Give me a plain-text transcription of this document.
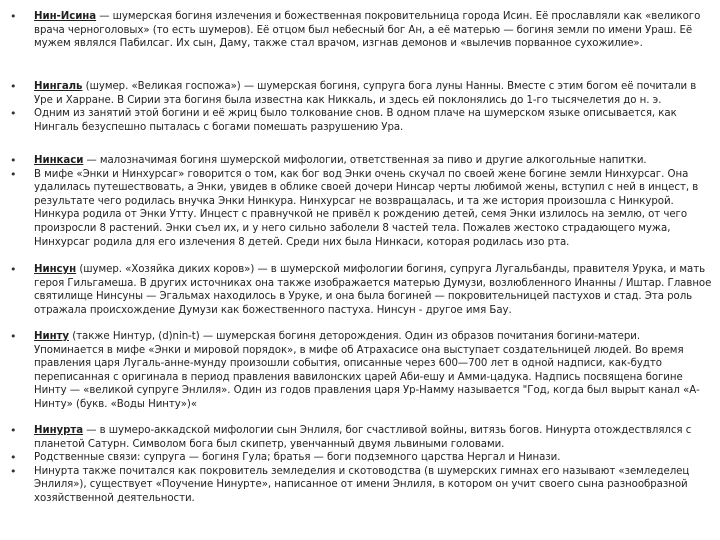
•	Нин-Исина — шумерская богиня излечения и божественная покровительница города Исин. Её прославляли как «великого врача черноголовых» (то есть шумеров). Её отцом был небесный бог Ан, а её матерью — богиня земли по имени Ураш. Её мужем являлся Пабилсаг. Их сын, Даму, также стал врачом, изгнав демонов и «вылечив порванное сухожилие».
•	Нингаль (шумер. «Великая госпожа») — шумерская богиня, супруга бога луны Нанны. Вместе с этим богом её почитали в Уре и Харране. В Сирии эта богиня была известна как Никкаль, и здесь ей поклонялись до 1-го тысячелетия до н. э.
•	Одним из занятий этой богини и её жриц было толкование снов. В одном плаче на шумерском языке описывается, как Нингаль безуспешно пыталась с богами помешать разрушению Ура.
•	Нинкаси — малозначимая богиня шумерской мифологии, ответственная за пиво и другие алкогольные напитки.
•	В мифе «Энки и Нинхурсаг» говорится о том, как бог вод Энки очень скучал по своей жене богине земли Нинхурсаг. Она удалилась путешествовать, а Энки, увидев в облике своей дочери Нинсар черты любимой жены, вступил с ней в инцест, в результате чего родилась внучка Энки Нинкура. Нинхурсаг не возвращалась, и та же история произошла с Нинкурой. Нинкура родила от Энки Утту. Инцест с правнучкой не привёл к рождению детей, семя Энки излилось на землю, от чего произросли 8 растений. Энки съел их, и у него сильно заболели 8 частей тела. Пожалев жестоко страдающего мужа, Нинхурсаг родила для его излечения 8 детей. Среди них была Нинкаси, которая родилась изо рта.
•	Нинсун (шумер. «Хозяйка диких коров») — в шумерской мифологии богиня, супруга Лугальбанды, правителя Урука, и мать героя Гильгамеша. В других источниках она также изображается матерью Думузи, возлюбленного Инанны / Иштар. Главное святилище Нинсуны — Эгальмах находилось в Уруке, и она была богиней — покровительницей пастухов и стад. Эта роль отражала происхождение Думузи как божественного пастуха. Нинсун - другое имя Бау.
•	Нинту (также Нинтур, (d)nin-t) — шумерская богиня деторождения. Один из образов почитания богини-матери. Упоминается в мифе «Энки и мировой порядок», в мифе об Атрахасисе она выступает создательницей людей. Во время правления царя Лугаль-анне-мунду произошли события, описанные через 600—700 лет в одной надписи, как-будто переписанная с оригинала в период правления вавилонских царей Аби-ешу и Амми-цадука. Надпись посвящена богине Нинту — «великой супруге Энлиля». Один из годов правления царя Ур-Намму называется "Год, когда был вырыт канал «А-Нинту» (букв. «Воды Нинту»)«
•	Нинурта — в шумеро-аккадской мифологии сын Энлиля, бог счастливой войны, витязь богов. Нинурта отождествлялся с планетой Сатурн. Символом бога был скипетр, увенчанный двумя львиными головами.
•	Родственные связи: супруга — богиня Гула; братья — боги подземного царства Нергал и Нинази.
•	Нинурта также почитался как покровитель земледелия и скотоводства (в шумерских гимнах его называют «земледелец Энлиля»), существует «Поучение Нинурте», написанное от имени Энлиля, в котором он учит своего сына разнообразной хозяйственной деятельности.
